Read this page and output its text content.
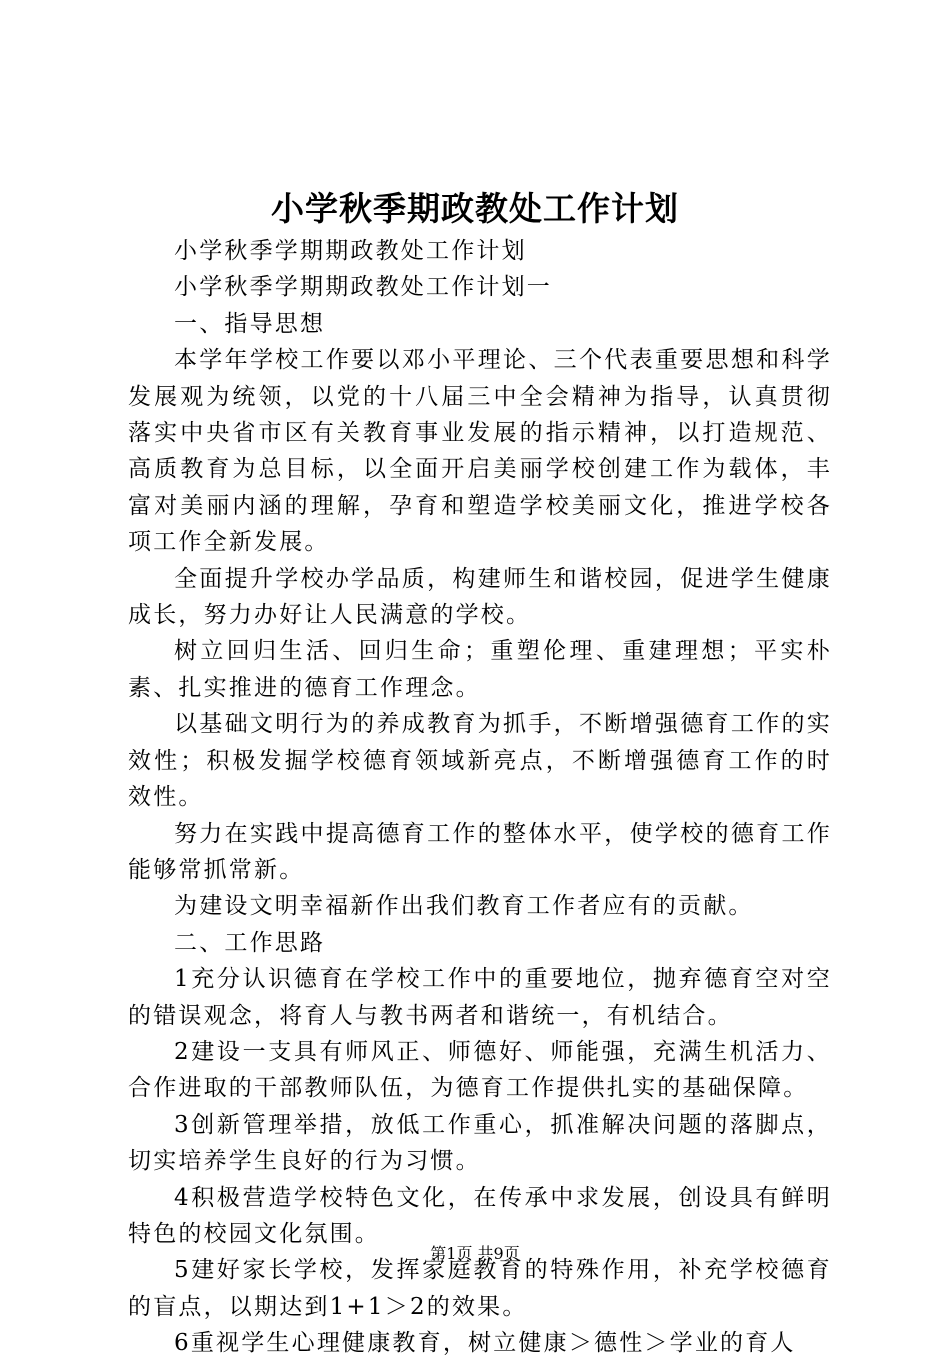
小学秋季期政教处工作计划

小学秋季学期期政教处工作计划

小学秋季学期期政教处工作计划一

一、指导思想

本学年学校工作要以邓小平理论、三个代表重要思想和科学发展观为统领，以党的十八届三中全会精神为指导，认真贯彻落实中央省市区有关教育事业发展的指示精神，以打造规范、高质教育为总目标，以全面开启美丽学校创建工作为载体，丰富对美丽内涵的理解，孕育和塑造学校美丽文化，推进学校各项工作全新发展。

全面提升学校办学品质，构建师生和谐校园，促进学生健康成长，努力办好让人民满意的学校。

树立回归生活、回归生命；重塑伦理、重建理想；平实朴素、扎实推进的德育工作理念。

以基础文明行为的养成教育为抓手，不断增强德育工作的实效性；积极发掘学校德育领域新亮点，不断增强德育工作的时效性。

努力在实践中提高德育工作的整体水平，使学校的德育工作能够常抓常新。

为建设文明幸福新作出我们教育工作者应有的贡献。

二、工作思路

1充分认识德育在学校工作中的重要地位，抛弃德育空对空的错误观念，将育人与教书两者和谐统一，有机结合。

2建设一支具有师风正、师德好、师能强，充满生机活力、合作进取的干部教师队伍，为德育工作提供扎实的基础保障。

3创新管理举措，放低工作重心，抓准解决问题的落脚点，切实培养学生良好的行为习惯。

4积极营造学校特色文化，在传承中求发展，创设具有鲜明特色的校园文化氛围。

5建好家长学校，发挥家庭教育的特殊作用，补充学校德育的盲点，以期达到1+1＞2的效果。

6重视学生心理健康教育，树立健康＞德性＞学业的育人

第1页 共9页
